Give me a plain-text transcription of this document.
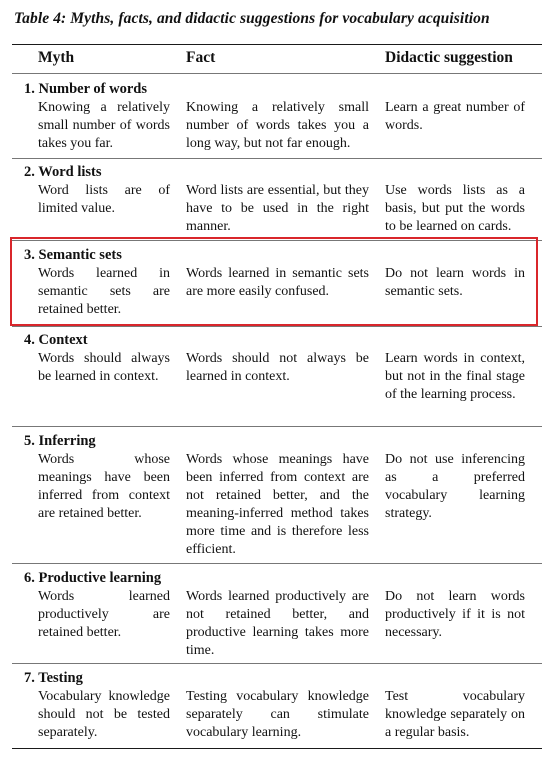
Table 4: Myths, facts, and didactic suggestions for vocabulary acquisition
Myth	Fact	Didactic suggestion
1. Number of words
Knowing a relatively small number of words takes you far.
Knowing a relatively small number of words takes you a long way, but not far enough.
Learn a great number of words.
2. Word lists
Word lists are of limited value.
Word lists are essential, but they have to be used in the right manner.
Use words lists as a basis, but put the words to be learned on cards.
3. Semantic sets
Words learned in semantic sets are retained better.
Words learned in semantic sets are more easily confused.
Do not learn words in semantic sets.
4. Context
Words should always be learned in context.
Words should not always be learned in context.
Learn words in context, but not in the final stage of the learning process.
5. Inferring
Words whose meanings have been inferred from context are retained better.
Words whose meanings have been inferred from context are not retained better, and the meaning-inferred method takes more time and is therefore less efficient.
Do not use inferencing as a preferred vocabulary learning strategy.
6. Productive learning
Words learned productively are retained better.
Words learned productively are not retained better, and productive learning takes more time.
Do not learn words productively if it is not necessary.
7. Testing
Vocabulary knowledge should not be tested separately.
Testing vocabulary knowledge separately can stimulate vocabulary learning.
Test vocabulary knowledge separately on a regular basis.
